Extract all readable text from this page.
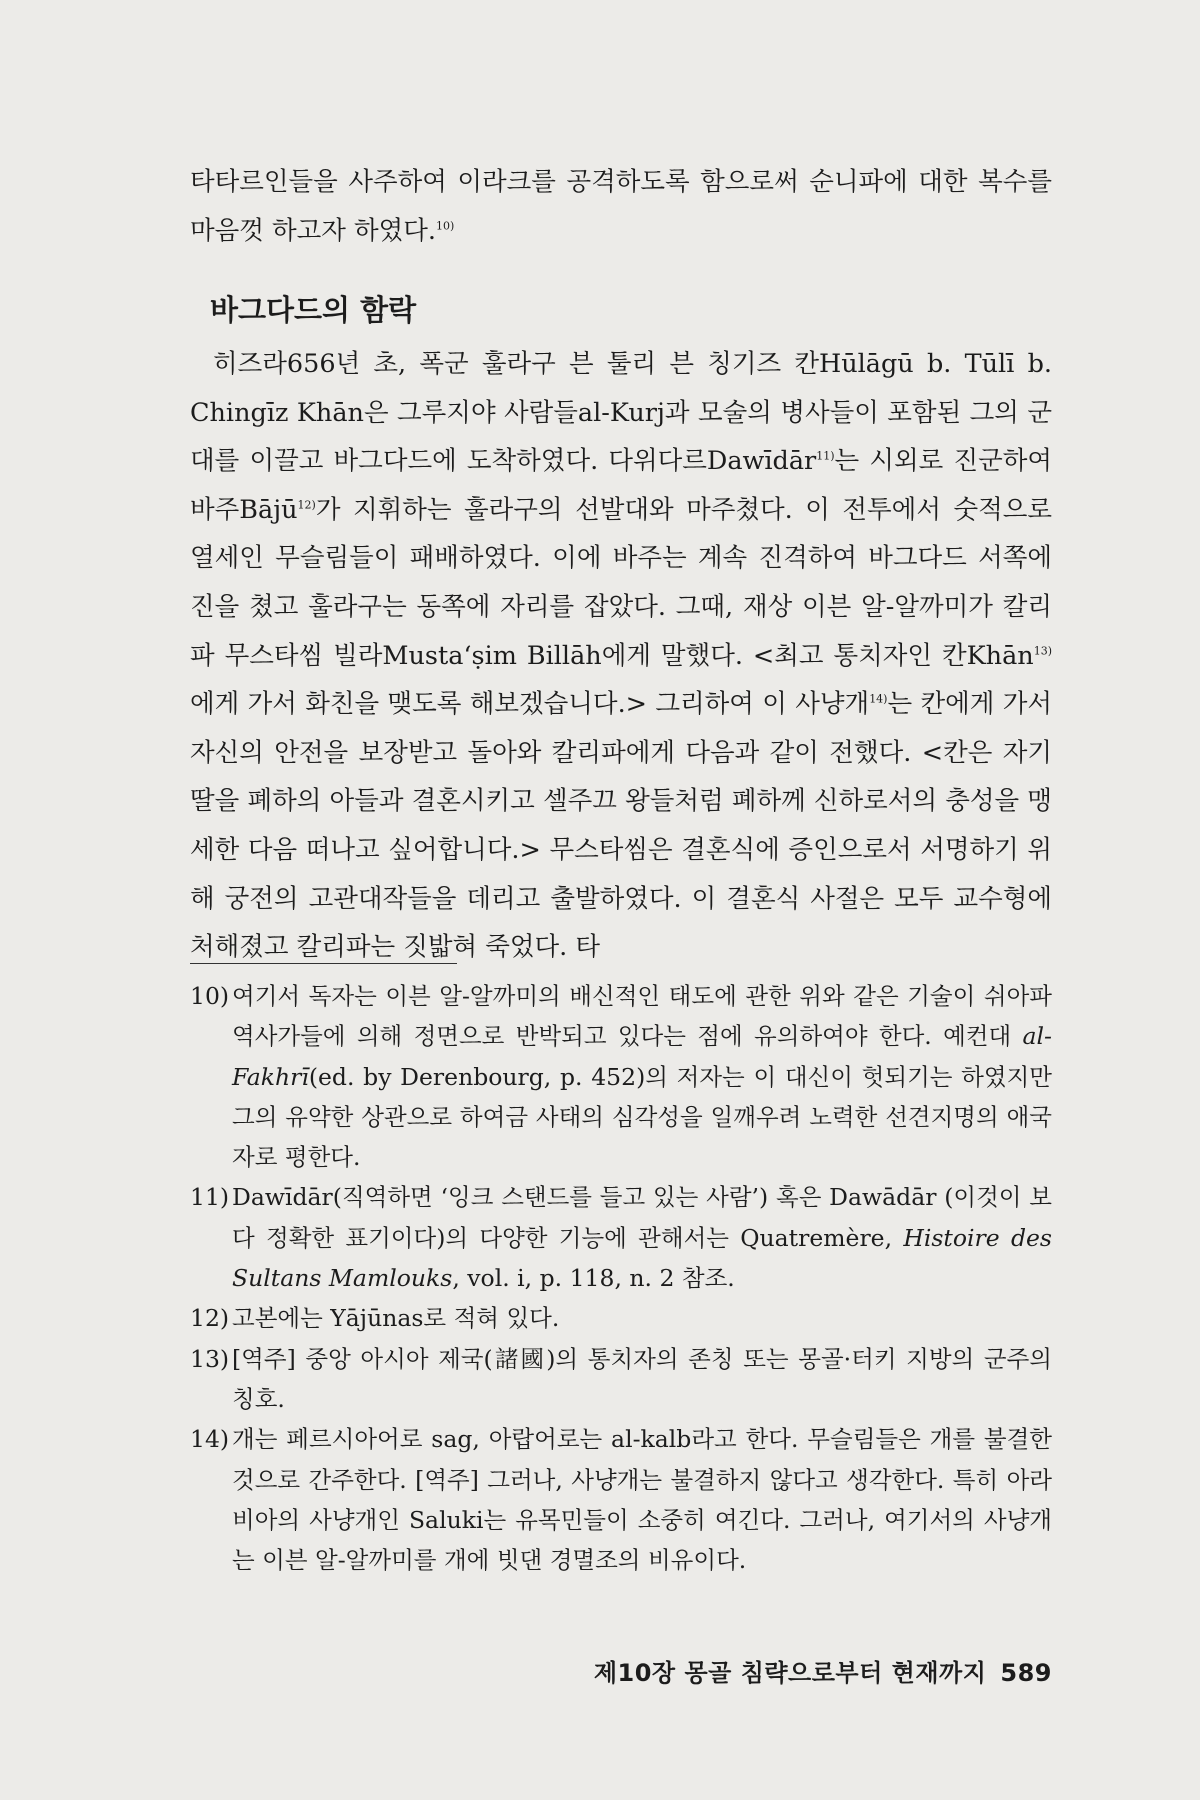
타타르인들을 사주하여 이라크를 공격하도록 함으로써 순니파에 대한 복수를 마음껏 하고자 하였다.$^{10)}$

바그다드의 함락

히즈라656년 초, 폭군 훌라구 븐 툴리 븐 칭기즈 칸Hūlāgū b. Tūlī b. Chingīz Khān은 그루지야 사람들al-Kurj과 모술의 병사들이 포함된 그의 군대를 이끌고 바그다드에 도착하였다. 다위다르Dawīdār$^{11)}$는 시외로 진군하여 바주Bājū$^{12)}$가 지휘하는 훌라구의 선발대와 마주쳤다. 이 전투에서 숫적으로 열세인 무슬림들이 패배하였다. 이에 바주는 계속 진격하여 바그다드 서쪽에 진을 쳤고 훌라구는 동쪽에 자리를 잡았다. 그때, 재상 이븐 알-알까미가 칼리파 무스타씸 빌라Musta‘ṣim Billāh에게 말했다. <최고 통치자인 칸Khān$^{13)}$에게 가서 화친을 맺도록 해보겠습니다.> 그리하여 이 사냥개$^{14)}$는 칸에게 가서 자신의 안전을 보장받고 돌아와 칼리파에게 다음과 같이 전했다. <칸은 자기 딸을 폐하의 아들과 결혼시키고 셀주끄 왕들처럼 폐하께 신하로서의 충성을 맹세한 다음 떠나고 싶어합니다.> 무스타씸은 결혼식에 증인으로서 서명하기 위해 궁전의 고관대작들을 데리고 출발하였다. 이 결혼식 사절은 모두 교수형에 처해졌고 칼리파는 짓밟혀 죽었다. 타

10) 여기서 독자는 이븐 알-알까미의 배신적인 태도에 관한 위와 같은 기술이 쉬아파 역사가들에 의해 정면으로 반박되고 있다는 점에 유의하여야 한다. 예컨대 al-Fakhrī(ed. by Derenbourg, p. 452)의 저자는 이 대신이 헛되기는 하였지만 그의 유약한 상관으로 하여금 사태의 심각성을 일깨우려 노력한 선견지명의 애국자로 평한다.
11) Dawīdār(직역하면 ‘잉크 스탠드를 들고 있는 사람’) 혹은 Dawādār (이것이 보다 정확한 표기이다)의 다양한 기능에 관해서는 Quatremère, Histoire des Sultans Mamlouks, vol. i, p. 118, n. 2 참조.
12) 고본에는 Yājūnas로 적혀 있다.
13) [역주] 중앙 아시아 제국(諸國)의 통치자의 존칭 또는 몽골·터키 지방의 군주의 칭호.
14) 개는 페르시아어로 sag, 아랍어로는 al-kalb라고 한다. 무슬림들은 개를 불결한 것으로 간주한다. [역주] 그러나, 사냥개는 불결하지 않다고 생각한다. 특히 아라비아의 사냥개인 Saluki는 유목민들이 소중히 여긴다. 그러나, 여기서의 사냥개는 이븐 알-알까미를 개에 빗댄 경멸조의 비유이다.
제10장 몽골 침략으로부터 현재까지 589
